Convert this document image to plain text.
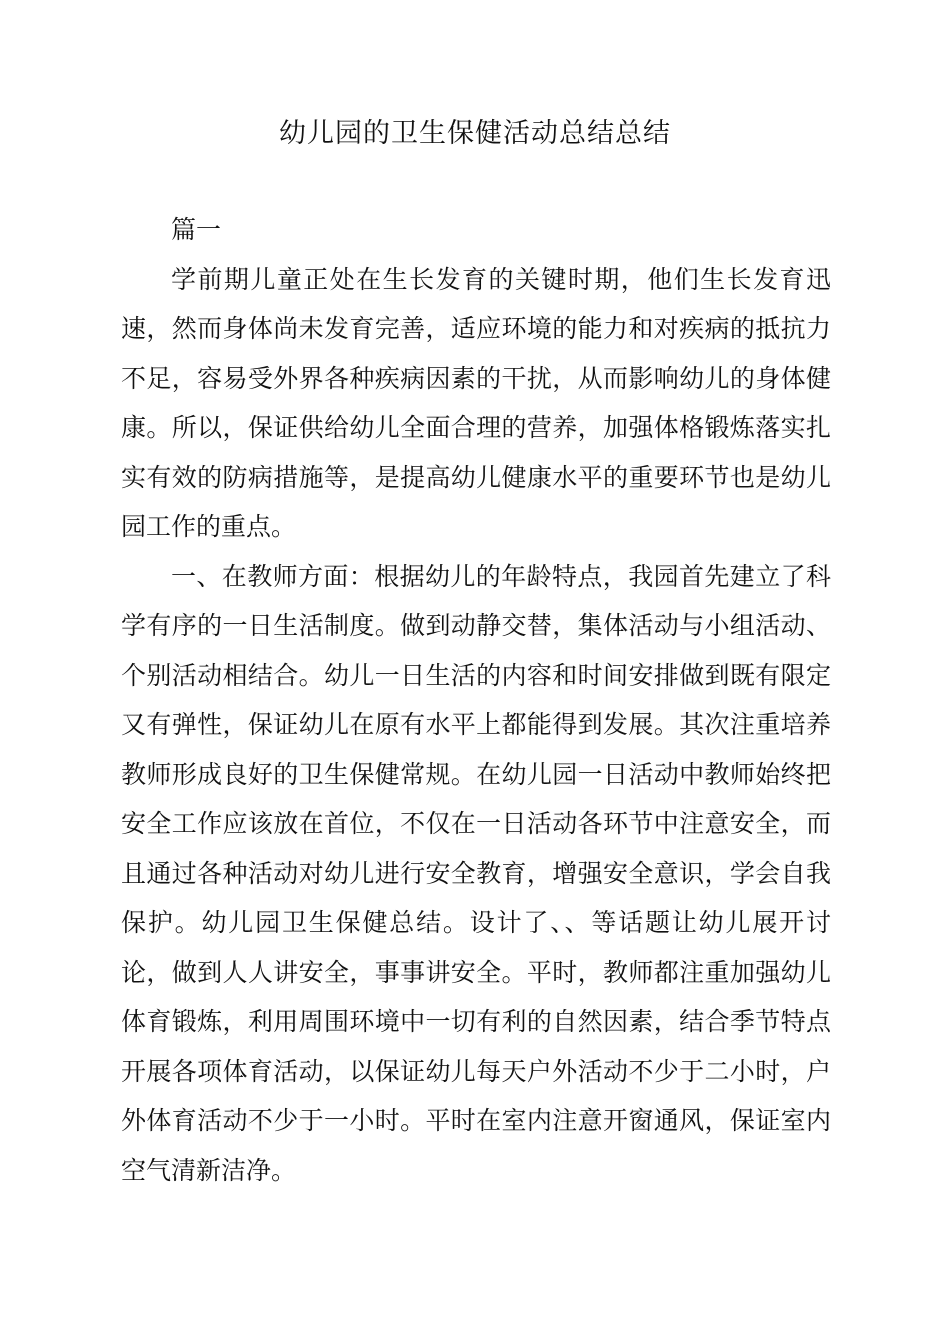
幼儿园的卫生保健活动总结总结

篇一

学前期儿童正处在生长发育的关键时期，他们生长发育迅速，然而身体尚未发育完善，适应环境的能力和对疾病的抵抗力不足，容易受外界各种疾病因素的干扰，从而影响幼儿的身体健康。所以，保证供给幼儿全面合理的营养，加强体格锻炼落实扎实有效的防病措施等，是提高幼儿健康水平的重要环节也是幼儿园工作的重点。

一、在教师方面：根据幼儿的年龄特点，我园首先建立了科学有序的一日生活制度。做到动静交替，集体活动与小组活动、个别活动相结合。幼儿一日生活的内容和时间安排做到既有限定又有弹性，保证幼儿在原有水平上都能得到发展。其次注重培养教师形成良好的卫生保健常规。在幼儿园一日活动中教师始终把安全工作应该放在首位，不仅在一日活动各环节中注意安全，而且通过各种活动对幼儿进行安全教育，增强安全意识，学会自我保护。幼儿园卫生保健总结。设计了、、等话题让幼儿展开讨论，做到人人讲安全，事事讲安全。平时，教师都注重加强幼儿体育锻炼，利用周围环境中一切有利的自然因素，结合季节特点开展各项体育活动，以保证幼儿每天户外活动不少于二小时，户外体育活动不少于一小时。平时在室内注意开窗通风，保证室内空气清新洁净。
